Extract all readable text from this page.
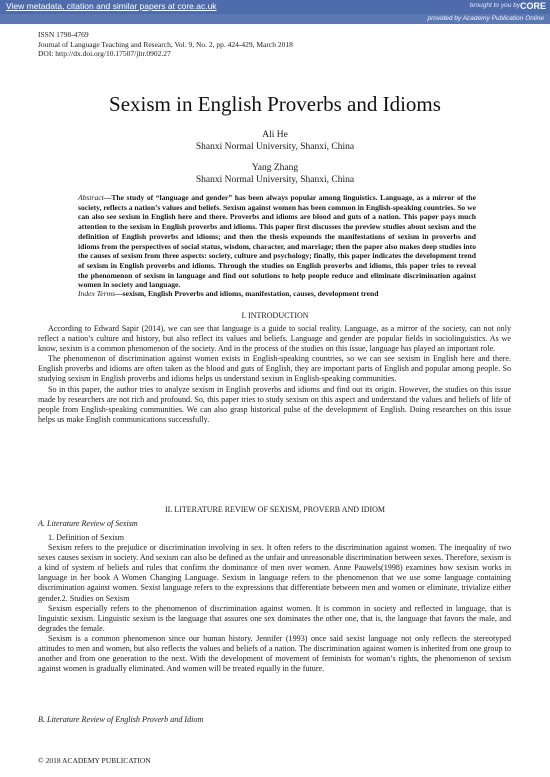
View metadata, citation and similar papers at core.ac.uk	brought to you by CORE
provided by Academy Publication Online
ISSN 1798-4769
Journal of Language Teaching and Research, Vol. 9, No. 2, pp. 424-429, March 2018
DOI: http://dx.doi.org/10.17507/jltr.0902.27
Sexism in English Proverbs and Idioms
Ali He
Shanxi Normal University, Shanxi, China
Yang Zhang
Shanxi Normal University, Shanxi, China
Abstract—The study of “language and gender” has been always popular among linguistics. Language, as a mirror of the society, reflects a nation’s values and beliefs. Sexism against women has been common in English-speaking countries. So we can also see sexism in English here and there. Proverbs and idioms are blood and guts of a nation. This paper pays much attention to the sexism in English proverbs and idioms. This paper first discusses the preview studies about sexism and the definition of English proverbs and idioms; and then the thesis expounds the manifestations of sexism in proverbs and idioms from the perspectives of social status, wisdom, character, and marriage; then the paper also makes deep studies into the causes of sexism from three aspects: society, culture and psychology; finally, this paper indicates the development trend of sexism in English proverbs and idioms. Through the studies on English proverbs and idioms, this paper tries to reveal the phenomenon of sexism in language and find out solutions to help people reduce and eliminate discrimination against women in society and language.
Index Terms—sexism, English Proverbs and idioms, manifestation, causes, development trend
I. INTRODUCTION

According to Edward Sapir (2014), we can see that language is a guide to social reality. Language, as a mirror of the society, can not only reflect a nation’s culture and history, but also reflect its values and beliefs. Language and gender are popular fields in sociolinguistics. As we know, sexism is a common phenomenon of the society. And in the process of the studies on this issue, language has played an important role.

The phenomenon of discrimination against women exists in English-speaking countries, so we can see sexism in English here and there. English proverbs and idioms are often taken as the blood and guts of English, they are important parts of English and popular among people. So studying sexism in English proverbs and idioms helps us understand sexism in English-speaking communities.

So in this paper, the author tries to analyze sexism in English proverbs and idioms and find out its origin. However, the studies on this issue made by researchers are not rich and profound. So, this paper tries to study sexism on this aspect and understand the values and beliefs of life of people from English-speaking communities. We can also grasp historical pulse of the development of English. Doing researches on this issue helps us make English communications successfully.

II. LITERATURE REVIEW OF SEXISM, PROVERB AND IDIOM
A. Literature Review of Sexism

1. Definition of Sexism

Sexism refers to the prejudice or discrimination involving in sex. It often refers to the discrimination against women. The inequality of two sexes causes sexism in society. And sexism can also be defined as the unfair and unreasonable discrimination between sexes. Therefore, sexism is a kind of system of beliefs and rules that confirm the dominance of men over women. Anne Pauwels(1998) examines how sexism works in language in her book A Women Changing Language. Sexism in language refers to the phenomenon that we use some language containing discrimination against women. Sexist language refers to the expressions that differentiate between men and women or eliminate, trivialize either gender.2. Studies on Sexism

Sexism especially refers to the phenomenon of discrimination against women. It is common in society and reflected in language, that is linguistic sexism. Linguistic sexism is the language that assures one sex dominates the other one, that is, the language that favors the male, and degrades the female.

Sexism is a common phenomenon since our human history. Jennifer (1993) once said sexist language not only reflects the stereotyped attitudes to men and women, but also reflects the values and beliefs of a nation. The discrimination against women is inherited from one group to another and from one generation to the next. With the development of movement of feminists for woman’s rights, the phenomenon of sexism against women is gradually eliminated. And women will be treated equally in the future.

B. Literature Review of English Proverb and Idiom
© 2018 ACADEMY PUBLICATION
